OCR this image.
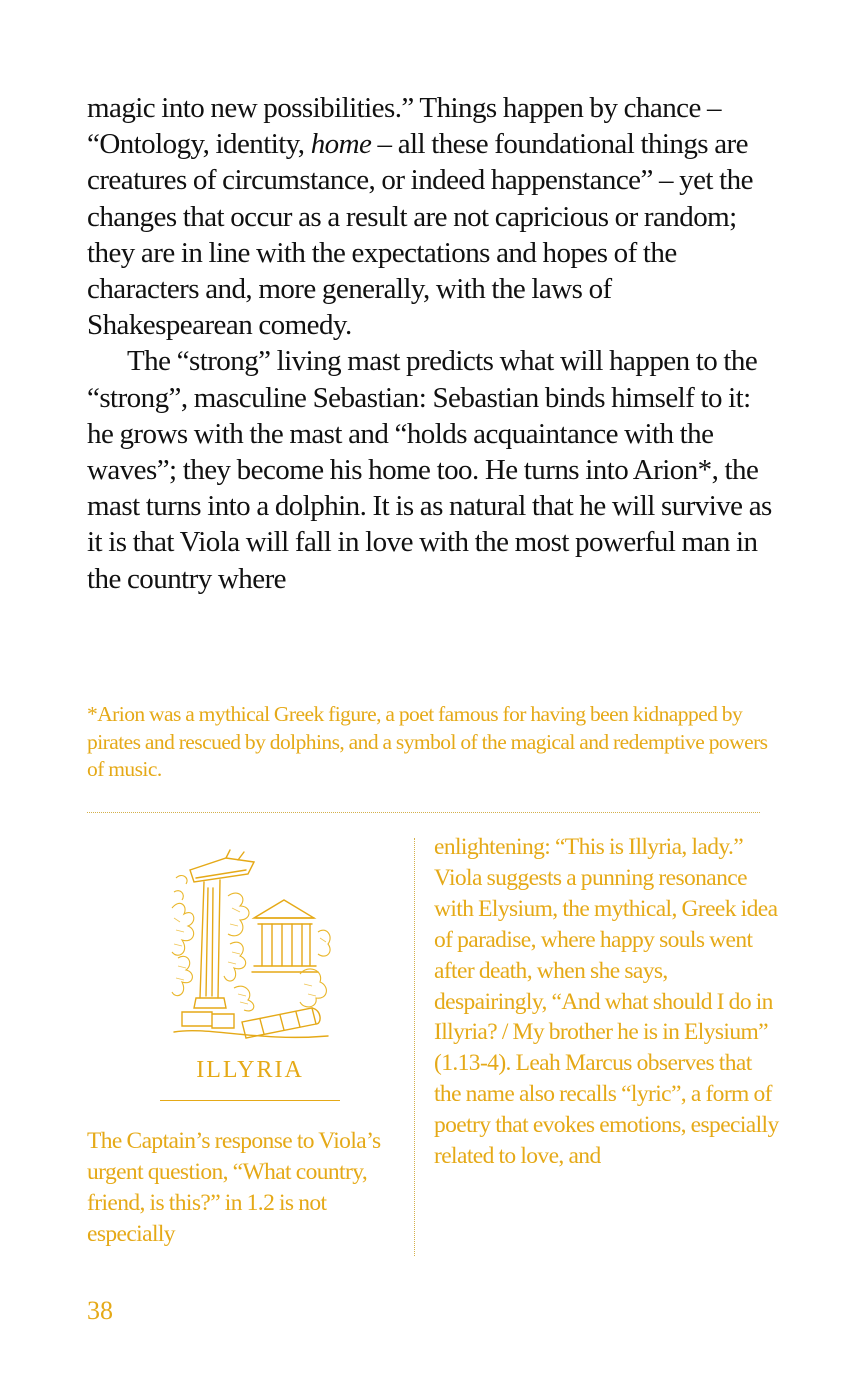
magic into new possibilities.” Things happen by chance – “Ontology, identity, home – all these foundational things are creatures of circumstance, or indeed happenstance” – yet the changes that occur as a result are not capricious or random; they are in line with the expectations and hopes of the characters and, more generally, with the laws of Shakespearean comedy.

The “strong” living mast predicts what will happen to the “strong”, masculine Sebastian: Sebastian binds himself to it: he grows with the mast and “holds acquaintance with the waves”; they become his home too. He turns into Arion*, the mast turns into a dolphin. It is as natural that he will survive as it is that Viola will fall in love with the most powerful man in the country where

*Arion was a mythical Greek figure, a poet famous for having been kidnapped by pirates and rescued by dolphins, and a symbol of the magical and redemptive powers of music.
ILLYRIA
The Captain’s response to Viola’s urgent question, “What country, friend, is this?” in 1.2 is not especially
enlightening: “This is Illyria, lady.” Viola suggests a punning resonance with Elysium, the mythical, Greek idea of paradise, where happy souls went after death, when she says, despairingly, “And what should I do in Illyria? / My brother he is in Elysium” (1.13-4). Leah Marcus observes that the name also recalls “lyric”, a form of poetry that evokes emotions, especially related to love, and
38
